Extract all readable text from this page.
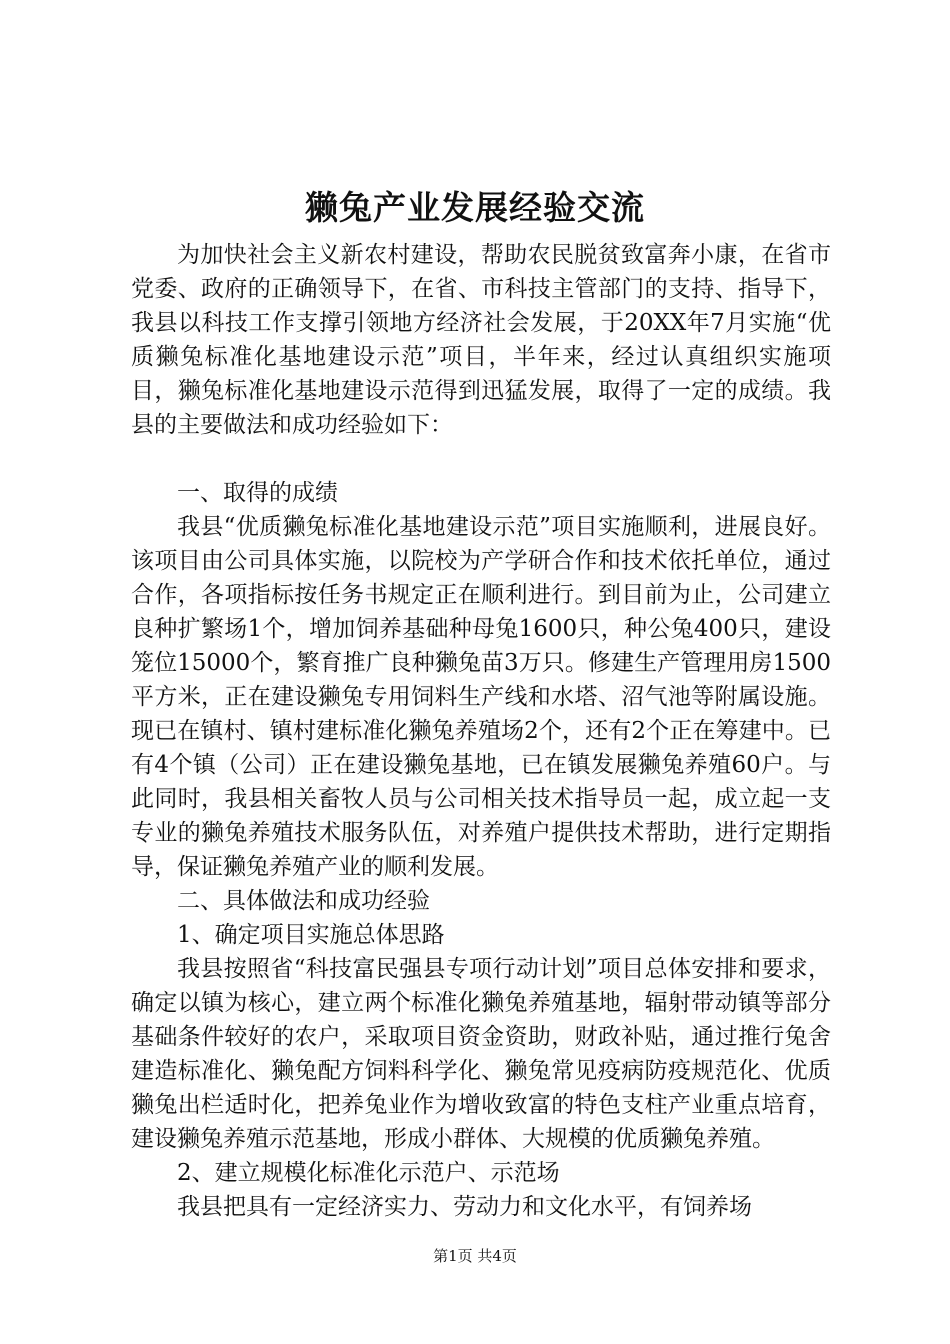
獭兔产业发展经验交流

为加快社会主义新农村建设，帮助农民脱贫致富奔小康，在省市党委、政府的正确领导下，在省、市科技主管部门的支持、指导下，我县以科技工作支撑引领地方经济社会发展，于20XX年7月实施“优质獭兔标准化基地建设示范”项目，半年来，经过认真组织实施项目，獭兔标准化基地建设示范得到迅猛发展，取得了一定的成绩。我县的主要做法和成功经验如下：

一、取得的成绩

我县“优质獭兔标准化基地建设示范”项目实施顺利，进展良好。该项目由公司具体实施，以院校为产学研合作和技术依托单位，通过合作，各项指标按任务书规定正在顺利进行。到目前为止，公司建立良种扩繁场1个，增加饲养基础种母兔1600只，种公兔400只，建设笼位15000个，繁育推广良种獭兔苗3万只。修建生产管理用房1500平方米，正在建设獭兔专用饲料生产线和水塔、沼气池等附属设施。现已在镇村、镇村建标准化獭兔养殖场2个，还有2个正在筹建中。已有4个镇（公司）正在建设獭兔基地，已在镇发展獭兔养殖60户。与此同时，我县相关畜牧人员与公司相关技术指导员一起，成立起一支专业的獭兔养殖技术服务队伍，对养殖户提供技术帮助，进行定期指导，保证獭兔养殖产业的顺利发展。

二、具体做法和成功经验

1、确定项目实施总体思路

我县按照省“科技富民强县专项行动计划”项目总体安排和要求，确定以镇为核心，建立两个标准化獭兔养殖基地，辐射带动镇等部分基础条件较好的农户，采取项目资金资助，财政补贴，通过推行兔舍建造标准化、獭兔配方饲料科学化、獭兔常见疫病防疫规范化、优质獭兔出栏适时化，把养兔业作为增收致富的特色支柱产业重点培育，建设獭兔养殖示范基地，形成小群体、大规模的优质獭兔养殖。

2、建立规模化标准化示范户、示范场

我县把具有一定经济实力、劳动力和文化水平，有饲养场

第1页 共4页
